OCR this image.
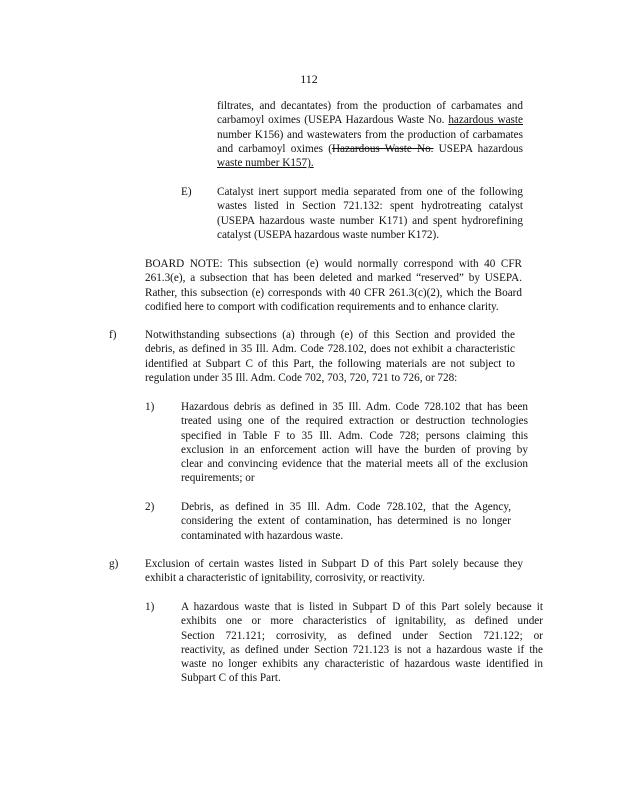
112
filtrates, and decantates) from the production of carbamates and
carbamoyl oximes (USEPA Hazardous Waste No. hazardous waste
number K156) and wastewaters from the production of carbamates
and carbamoyl oximes (Hazardous Waste No. USEPA hazardous
waste number K157).
E) Catalyst inert support media separated from one of the following
wastes listed in Section 721.132: spent hydrotreating catalyst
(USEPA hazardous waste number K171) and spent hydrorefining
catalyst (USEPA hazardous waste number K172).
BOARD NOTE: This subsection (e) would normally correspond with 40 CFR
261.3(e), a subsection that has been deleted and marked “reserved” by USEPA.
Rather, this subsection (e) corresponds with 40 CFR 261.3(c)(2), which the Board
codified here to comport with codification requirements and to enhance clarity.
f)	Notwithstanding subsections (a) through (e) of this Section and provided the
debris, as defined in 35 Ill. Adm. Code 728.102, does not exhibit a characteristic
identified at Subpart C of this Part, the following materials are not subject to
regulation under 35 Ill. Adm. Code 702, 703, 720, 721 to 726, or 728:
1) Hazardous debris as defined in 35 Ill. Adm. Code 728.102 that has been
treated using one of the required extraction or destruction technologies
specified in Table F to 35 Ill. Adm. Code 728; persons claiming this
exclusion in an enforcement action will have the burden of proving by
clear and convincing evidence that the material meets all of the exclusion
requirements; or
2) Debris, as defined in 35 Ill. Adm. Code 728.102, that the Agency,
considering the extent of contamination, has determined is no longer
contaminated with hazardous waste.
g) Exclusion of certain wastes listed in Subpart D of this Part solely because they
exhibit a characteristic of ignitability, corrosivity, or reactivity.
1) A hazardous waste that is listed in Subpart D of this Part solely because it
exhibits one or more characteristics of ignitability, as defined under
Section 721.121; corrosivity, as defined under Section 721.122; or
reactivity, as defined under Section 721.123 is not a hazardous waste if the
waste no longer exhibits any characteristic of hazardous waste identified in
Subpart C of this Part.
